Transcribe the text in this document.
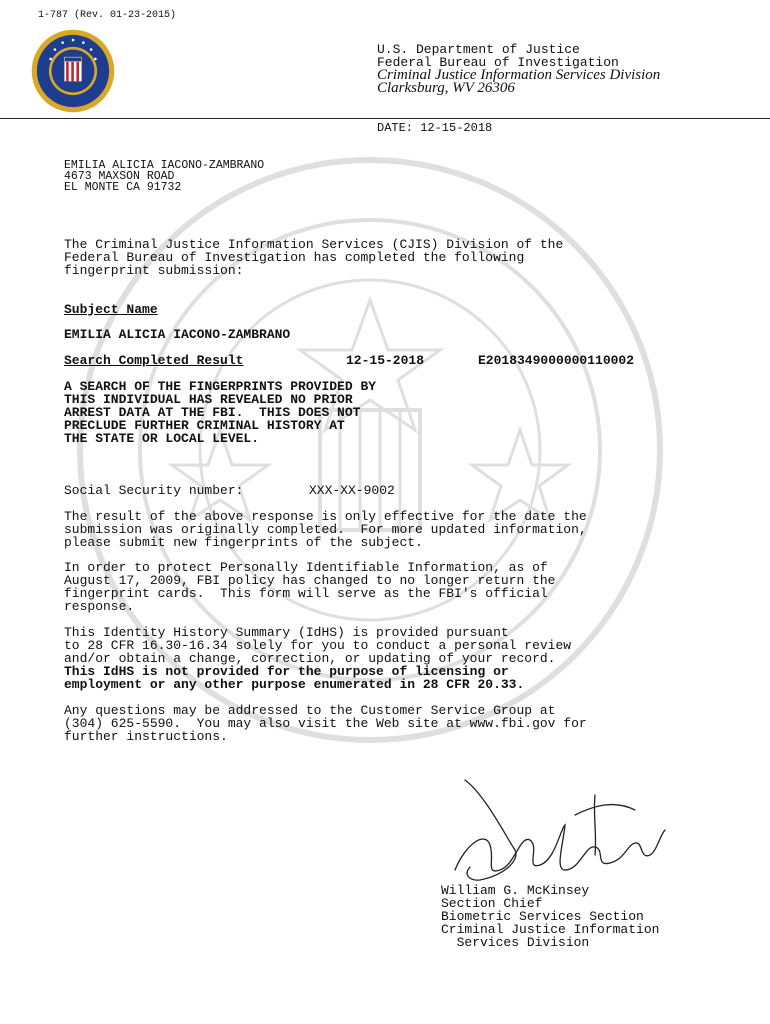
1-787 (Rev. 01-23-2015)
U.S. Department of Justice
Federal Bureau of Investigation
Criminal Justice Information Services Division
Clarksburg, WV 26306
DATE: 12-15-2018
EMILIA ALICIA IACONO-ZAMBRANO
4673 MAXSON ROAD
EL MONTE CA 91732
The Criminal Justice Information Services (CJIS) Division of the
Federal Bureau of Investigation has completed the following
fingerprint submission:
Subject Name
EMILIA ALICIA IACONO-ZAMBRANO
Search Completed Result	12-15-2018	E2018349000000110002
A SEARCH OF THE FINGERPRINTS PROVIDED BY
THIS INDIVIDUAL HAS REVEALED NO PRIOR
ARREST DATA AT THE FBI.  THIS DOES NOT
PRECLUDE FURTHER CRIMINAL HISTORY AT
THE STATE OR LOCAL LEVEL.
Social Security number:	XXX-XX-9002
The result of the above response is only effective for the date the
submission was originally completed.  For more updated information,
please submit new fingerprints of the subject.
In order to protect Personally Identifiable Information, as of
August 17, 2009, FBI policy has changed to no longer return the
fingerprint cards.  This form will serve as the FBI's official
response.
This Identity History Summary (IdHS) is provided pursuant
to 28 CFR 16.30-16.34 solely for you to conduct a personal review
and/or obtain a change, correction, or updating of your record.
This IdHS is not provided for the purpose of licensing or
employment or any other purpose enumerated in 28 CFR 20.33.
Any questions may be addressed to the Customer Service Group at
(304) 625-5590.  You may also visit the Web site at www.fbi.gov for
further instructions.
William G. McKinsey
Section Chief
Biometric Services Section
Criminal Justice Information
Services Division
